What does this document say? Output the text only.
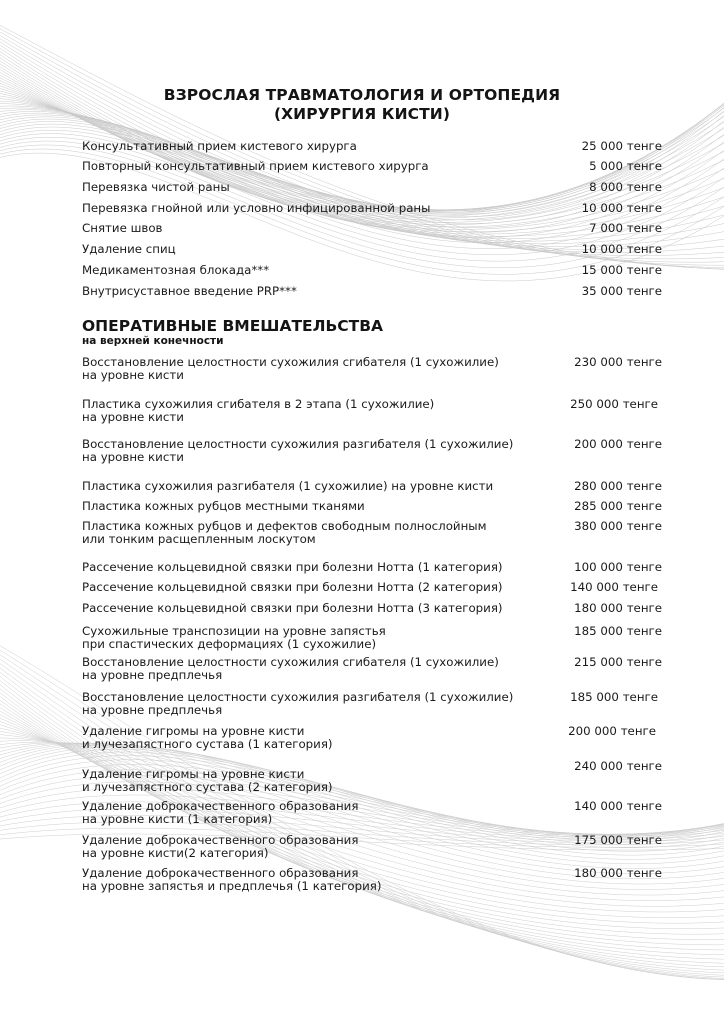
ВЗРОСЛАЯ ТРАВМАТОЛОГИЯ И ОРТОПЕДИЯ
(ХИРУРГИЯ КИСТИ)
Консультативный прием кистевого хирурга	25 000 тенге
Повторный консультативный прием кистевого хирурга	5 000 тенге
Перевязка чистой раны	8 000 тенге
Перевязка гнойной или условно инфицированной раны	10 000 тенге
Снятие швов	7 000 тенге
Удаление спиц	10 000 тенге
Медикаментозная блокада***	15 000 тенге
Внутрисуставное введение PRP***	35 000 тенге
ОПЕРАТИВНЫЕ ВМЕШАТЕЛЬСТВА
на верхней конечности
Восстановление целостности сухожилия сгибателя (1 сухожилие)
на уровне кисти
230 000 тенге
Пластика сухожилия сгибателя в 2 этапа (1 сухожилие)
на уровне кисти
250 000 тенге
Восстановление целостности сухожилия разгибателя (1 сухожилие)
на уровне кисти
200 000 тенге
Пластика сухожилия разгибателя (1 сухожилие) на уровне кисти	280 000 тенге
Пластика кожных рубцов местными тканями	285 000 тенге
Пластика кожных рубцов и дефектов свободным полнослойным
или тонким расщепленным лоскутом
380 000 тенге
Рассечение кольцевидной связки при болезни Нотта (1 категория)	100 000 тенге
Рассечение кольцевидной связки при болезни Нотта (2 категория)	140 000 тенге
Рассечение кольцевидной связки при болезни Нотта (3 категория)	180 000 тенге
Сухожильные транспозиции на уровне запястья
при спастических деформациях (1 сухожилие)
185 000 тенге
Восстановление целостности сухожилия сгибателя (1 сухожилие)
на уровне предплечья
215 000 тенге
Восстановление целостности сухожилия разгибателя (1 сухожилие)
на уровне предплечья
185 000 тенге
Удаление гигромы на уровне кисти
и лучезапястного сустава (1 категория)
200 000 тенге
Удаление гигромы на уровне кисти
и лучезапястного сустава (2 категория)
240 000 тенге
Удаление доброкачественного образования
на уровне кисти (1 категория)
140 000 тенге
Удаление доброкачественного образования
на уровне кисти(2 категория)
175 000 тенге
Удаление доброкачественного образования
на уровне запястья и предплечья (1 категория)
180 000 тенге
